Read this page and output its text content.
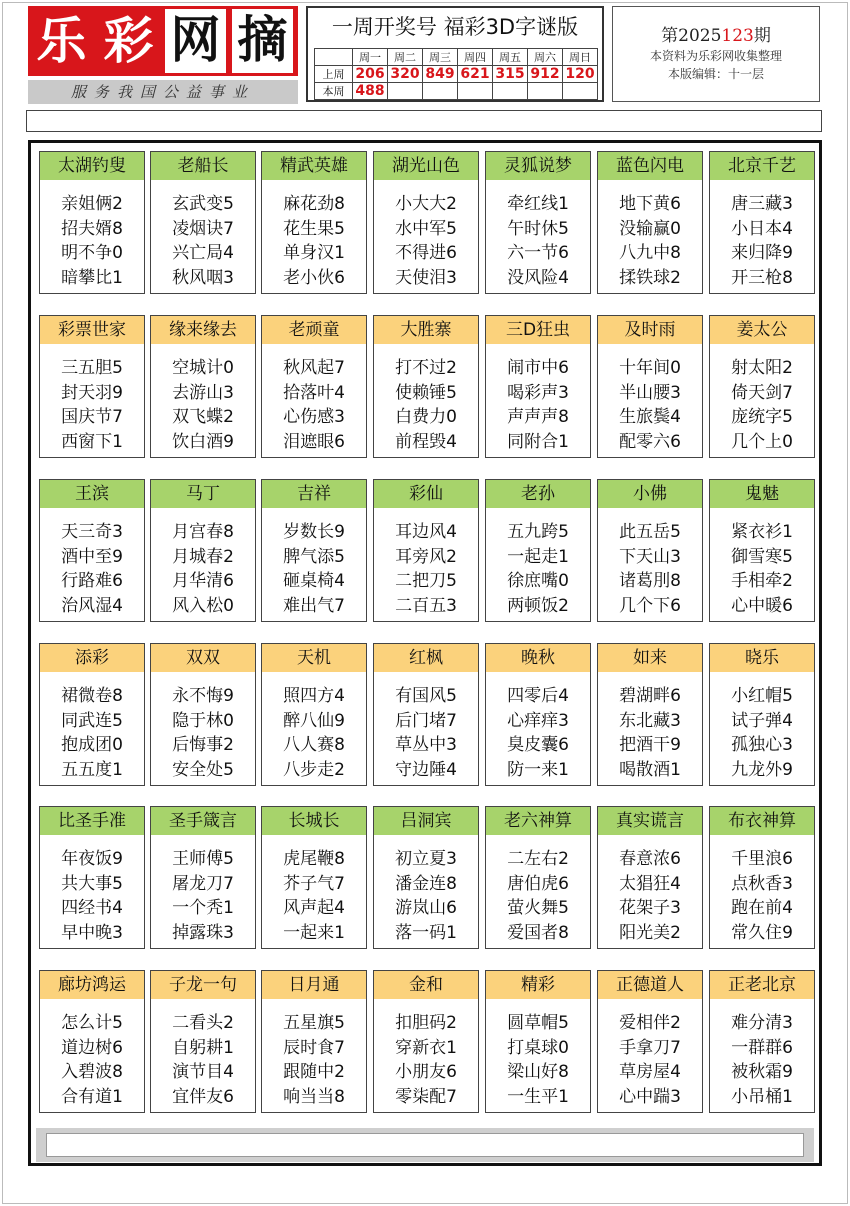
乐 彩 网 摘
服务我国公益事业
一周开奖号 福彩3D字谜版
	周一	周二	周三	周四	周五	周六	周日
上周	206	320	849	621	315	912	120
本周	488						
第2025123期
本资料为乐彩网收集整理
本版编辑：十一层
太湖钓叟
亲姐俩2
招夫婿8
明不争0
暗攀比1
老船长
玄武变5
凌烟诀7
兴亡局4
秋风咽3
精武英雄
麻花劲8
花生果5
单身汉1
老小伙6
湖光山色
小大大2
水中军5
不得进6
天使泪3
灵狐说梦
牵红线1
午时休5
六一节6
没风险4
蓝色闪电
地下黄6
没输赢0
八九中8
揉铁球2
北京千艺
唐三藏3
小日本4
来归降9
开三枪8
彩票世家
三五胆5
封天羽9
国庆节7
西窗下1
缘来缘去
空城计0
去游山3
双飞蝶2
饮白酒9
老顽童
秋风起7
拾落叶4
心伤感3
泪遮眼6
大胜寨
打不过2
使赖锤5
白费力0
前程毁4
三D狂虫
闹市中6
喝彩声3
声声声8
同附合1
及时雨
十年间0
半山腰3
生旅鬓4
配零六6
姜太公
射太阳2
倚天剑7
庞统字5
几个上0
王滨
天三奇3
酒中至9
行路难6
治风湿4
马丁
月宫春8
月城春2
月华清6
风入松0
吉祥
岁数长9
脾气添5
砸桌椅4
难出气7
彩仙
耳边风4
耳旁风2
二把刀5
二百五3
老孙
五九跨5
一起走1
徐庶嘴0
两顿饭2
小佛
此五岳5
下天山3
诸葛刖8
几个下6
鬼魅
紧衣衫1
御雪寒5
手相牵2
心中暖6
添彩
裙微卷8
同武连5
抱成团0
五五度1
双双
永不悔9
隐于林0
后悔事2
安全处5
天机
照四方4
醉八仙9
八人赛8
八步走2
红枫
有国风5
后门堵7
草丛中3
守边陲4
晚秋
四零后4
心痒痒3
臭皮囊6
防一来1
如来
碧湖畔6
东北藏3
把酒干9
喝散酒1
晓乐
小红帽5
试子弹4
孤独心3
九龙外9
比圣手准
年夜饭9
共大事5
四经书4
早中晚3
圣手箴言
王师傅5
屠龙刀7
一个秃1
掉露珠3
长城长
虎尾鞭8
芥子气7
风声起4
一起来1
吕洞宾
初立夏3
潘金连8
游岚山6
落一码1
老六神算
二左右2
唐伯虎6
萤火舞5
爱国者8
真实谎言
春意浓6
太猖狂4
花架子3
阳光美2
布衣神算
千里浪6
点秋香3
跑在前4
常久住9
廊坊鸿运
怎么计5
道边树6
入碧波8
合有道1
子龙一句
二看头2
自躬耕1
演节目4
宜伴友6
日月通
五星旗5
辰时食7
跟随中2
响当当8
金和
扣胆码2
穿新衣1
小朋友6
零柒配7
精彩
圆草帽5
打桌球0
梁山好8
一生平1
正德道人
爱相伴2
手拿刀7
草房屋4
心中踹3
正老北京
难分清3
一群群6
被秋霜9
小吊桶1
